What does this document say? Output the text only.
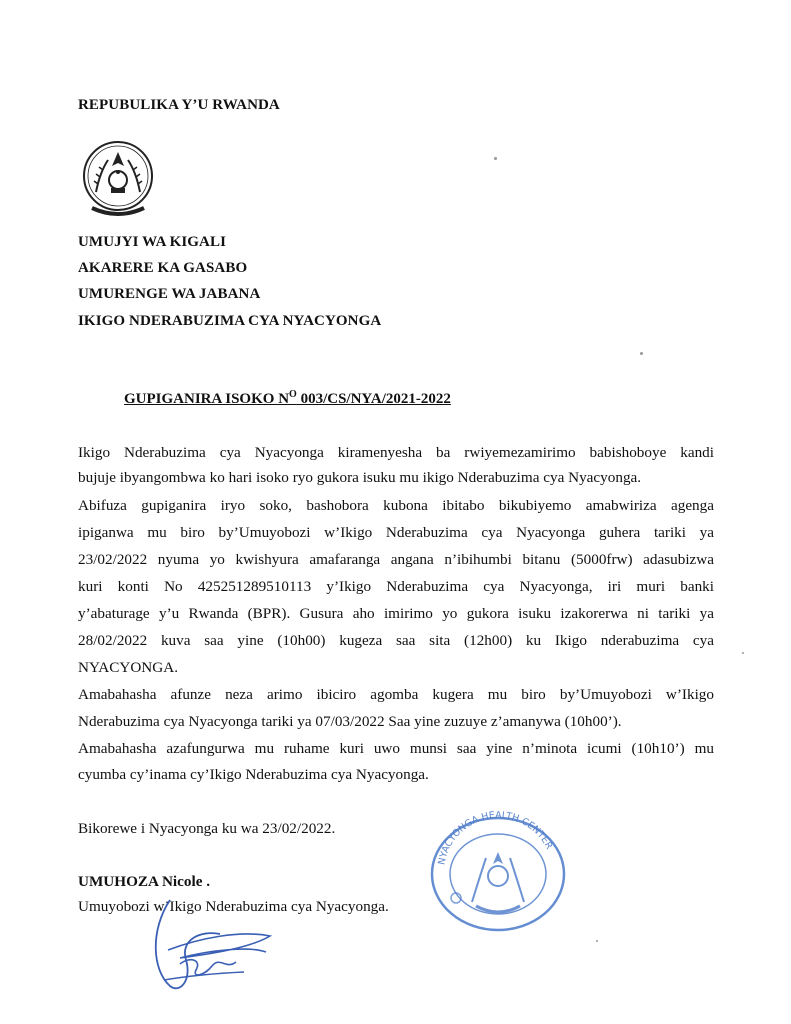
REPUBULIKA Y’U RWANDA
UMUJYI WA KIGALI
AKARERE KA GASABO
UMURENGE WA JABANA
IKIGO NDERABUZIMA CYA NYACYONGA
GUPIGANIRA ISOKO $N^O$ 003/CS/NYA/2021-2022
Ikigo Nderabuzima cya Nyacyonga kiramenyesha ba rwiyemezamirimo babishoboye kandi
bujuje ibyangombwa ko hari isoko ryo gukora isuku mu ikigo Nderabuzima cya Nyacyonga.
Abifuza gupiganira iryo soko, bashobora kubona ibitabo bikubiyemo amabwiriza agenga
ipiganwa mu biro by’Umuyobozi w’Ikigo Nderabuzima cya Nyacyonga guhera tariki ya
23/02/2022 nyuma yo kwishyura amafaranga angana n’ibihumbi bitanu (5000frw) adasubizwa
kuri konti No 425251289510113 y’Ikigo Nderabuzima cya Nyacyonga, iri muri banki
y’abaturage y’u Rwanda (BPR). Gusura aho imirimo yo gukora isuku izakorerwa ni tariki ya
28/02/2022 kuva saa yine (10h00) kugeza saa sita (12h00) ku Ikigo nderabuzima cya
NYACYONGA.
Amabahasha afunze neza arimo ibiciro agomba kugera mu biro by’Umuyobozi w’Ikigo
Nderabuzima cya Nyacyonga tariki ya 07/03/2022 Saa yine zuzuye z’amanywa (10h00’).
Amabahasha azafungurwa mu ruhame kuri uwo munsi saa yine n’minota icumi (10h10’) mu
cyumba cy’inama cy’Ikigo Nderabuzima cya Nyacyonga.
Bikorewe i Nyacyonga ku wa 23/02/2022.
NYACYONGA HEALTH CENTER
UMUHOZA Nicole .
Umuyobozi w’Ikigo Nderabuzima cya Nyacyonga.
